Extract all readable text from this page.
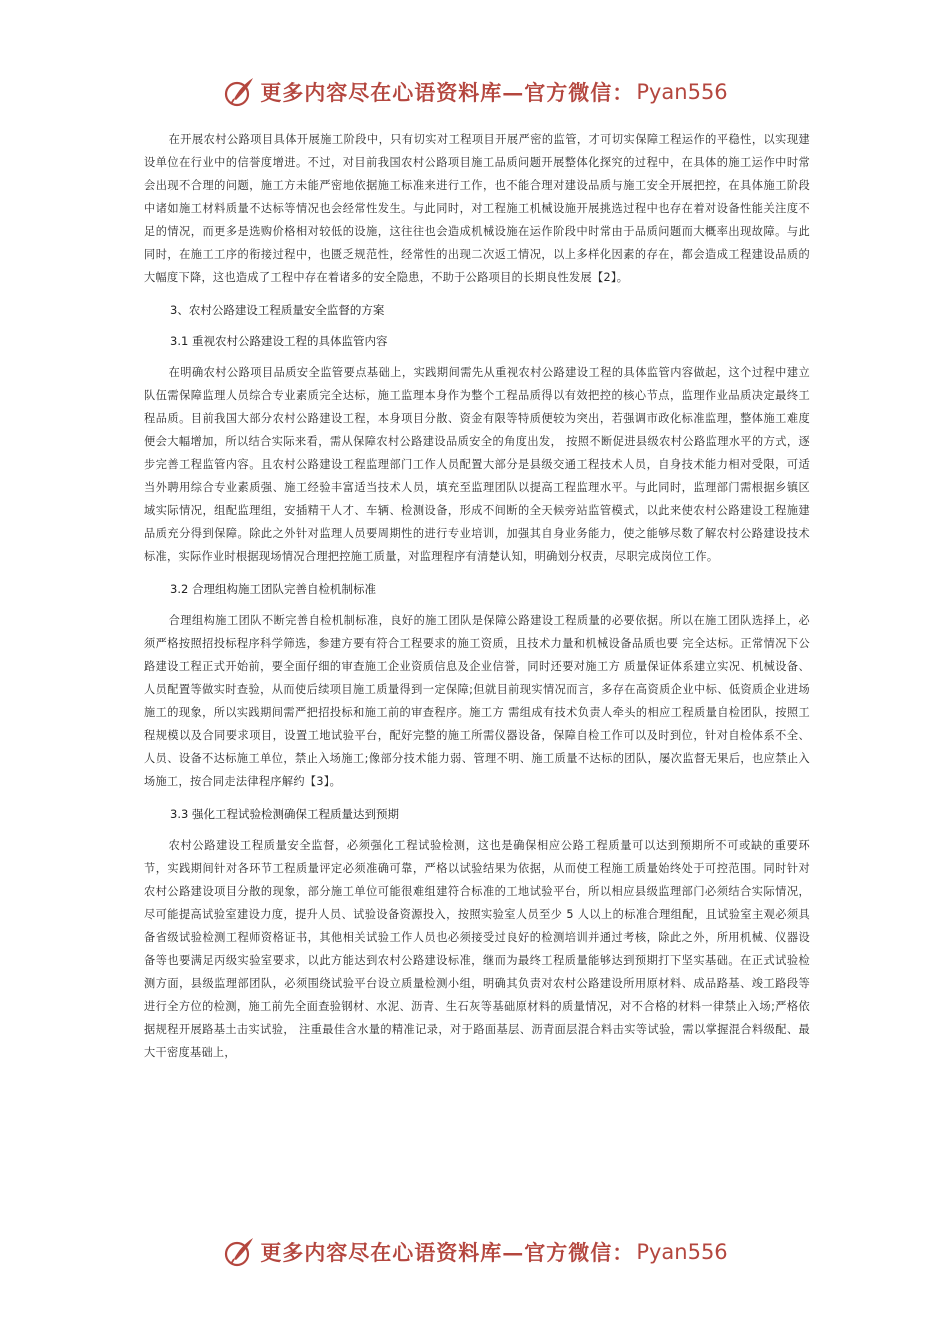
更多内容尽在心语资料库—官方微信： Pyan556

在开展农村公路项目具体开展施工阶段中，只有切实对工程项目开展严密的监管，才可切实保障工程运作的平稳性，以实现建设单位在行业中的信誉度增进。不过，对目前我国农村公路项目施工品质问题开展整体化探究的过程中，在具体的施工运作中时常会出现不合理的问题，施工方未能严密地依据施工标准来进行工作，也不能合理对建设品质与施工安全开展把控，在具体施工阶段中诸如施工材料质量不达标等情况也会经常性发生。与此同时，对工程施工机械设施开展挑选过程中也存在着对设备性能关注度不足的情况，而更多是选购价格相对较低的设施，这往往也会造成机械设施在运作阶段中时常由于品质问题而大概率出现故障。与此同时，在施工工序的衔接过程中，也匮乏规范性，经常性的出现二次返工情况，以上多样化因素的存在，都会造成工程建设品质的大幅度下降，这也造成了工程中存在着诸多的安全隐患，不助于公路项目的长期良性发展【2】。

3、农村公路建设工程质量安全监督的方案

3.1 重视农村公路建设工程的具体监管内容

在明确农村公路项目品质安全监管要点基础上，实践期间需先从重视农村公路建设工程的具体监管内容做起，这个过程中建立队伍需保障监理人员综合专业素质完全达标，施工监理本身作为整个工程品质得以有效把控的核心节点，监理作业品质决定最终工程品质。目前我国大部分农村公路建设工程，本身项目分散、资金有限等特质便较为突出，若强调市政化标准监理，整体施工难度便会大幅增加，所以结合实际来看，需从保障农村公路建设品质安全的角度出发， 按照不断促进县级农村公路监理水平的方式，逐步完善工程监管内容。且农村公路建设工程监理部门工作人员配置大部分是县级交通工程技术人员，自身技术能力相对受限，可适当外聘用综合专业素质强、施工经验丰富适当技术人员，填充至监理团队以提高工程监理水平。与此同时，监理部门需根据乡镇区域实际情况，组配监理组，安插精干人才、车辆、检测设备，形成不间断的全天候旁站监管模式，以此来使农村公路建设工程施建品质充分得到保障。除此之外针对监理人员要周期性的进行专业培训，加强其自身业务能力，使之能够尽数了解农村公路建设技术标准，实际作业时根据现场情况合理把控施工质量，对监理程序有清楚认知，明确划分权责，尽职完成岗位工作。

3.2 合理组构施工团队完善自检机制标准

合理组构施工团队不断完善自检机制标准，良好的施工团队是保障公路建设工程质量的必要依据。所以在施工团队选择上，必须严格按照招投标程序科学筛选，参建方要有符合工程要求的施工资质，且技术力量和机械设备品质也要 完全达标。正常情况下公路建设工程正式开始前，要全面仔细的审查施工企业资质信息及企业信誉，同时还要对施工方 质量保证体系建立实况、机械设备、人员配置等做实时查验，从而使后续项目施工质量得到一定保障;但就目前现实情况而言，多存在高资质企业中标、低资质企业进场施工的现象，所以实践期间需严把招投标和施工前的审查程序。施工方 需组成有技术负责人牵头的相应工程质量自检团队，按照工程规模以及合同要求项目，设置工地试验平台，配好完整的施工所需仪器设备，保障自检工作可以及时到位，针对自检体系不全、人员、设备不达标施工单位，禁止入场施工;像部分技术能力弱、管理不明、施工质量不达标的团队，屡次监督无果后，也应禁止入场施工，按合同走法律程序解约【3】。

3.3 强化工程试验检测确保工程质量达到预期

农村公路建设工程质量安全监督，必须强化工程试验检测，这也是确保相应公路工程质量可以达到预期所不可或缺的重要环节，实践期间针对各环节工程质量评定必须准确可靠，严格以试验结果为依据，从而使工程施工质量始终处于可控范围。同时针对农村公路建设项目分散的现象，部分施工单位可能很难组建符合标准的工地试验平台，所以相应县级监理部门必须结合实际情况，尽可能提高试验室建设力度，提升人员、试验设备资源投入，按照实验室人员至少 5 人以上的标准合理组配，且试验室主观必须具备省级试验检测工程师资格证书，其他相关试验工作人员也必须接受过良好的检测培训并通过考核，除此之外，所用机械、仪器设备等也要满足丙级实验室要求，以此方能达到农村公路建设标准，继而为最终工程质量能够达到预期打下坚实基础。在正式试验检测方面，县级监理部团队，必须围绕试验平台设立质量检测小组，明确其负责对农村公路建设所用原材料、成品路基、竣工路段等进行全方位的检测，施工前先全面查验钢材、水泥、沥青、生石灰等基础原材料的质量情况，对不合格的材料一律禁止入场;严格依据规程开展路基土击实试验， 注重最佳含水量的精准记录，对于路面基层、沥青面层混合料击实等试验，需以掌握混合料级配、最大干密度基础上，

更多内容尽在心语资料库—官方微信： Pyan556
